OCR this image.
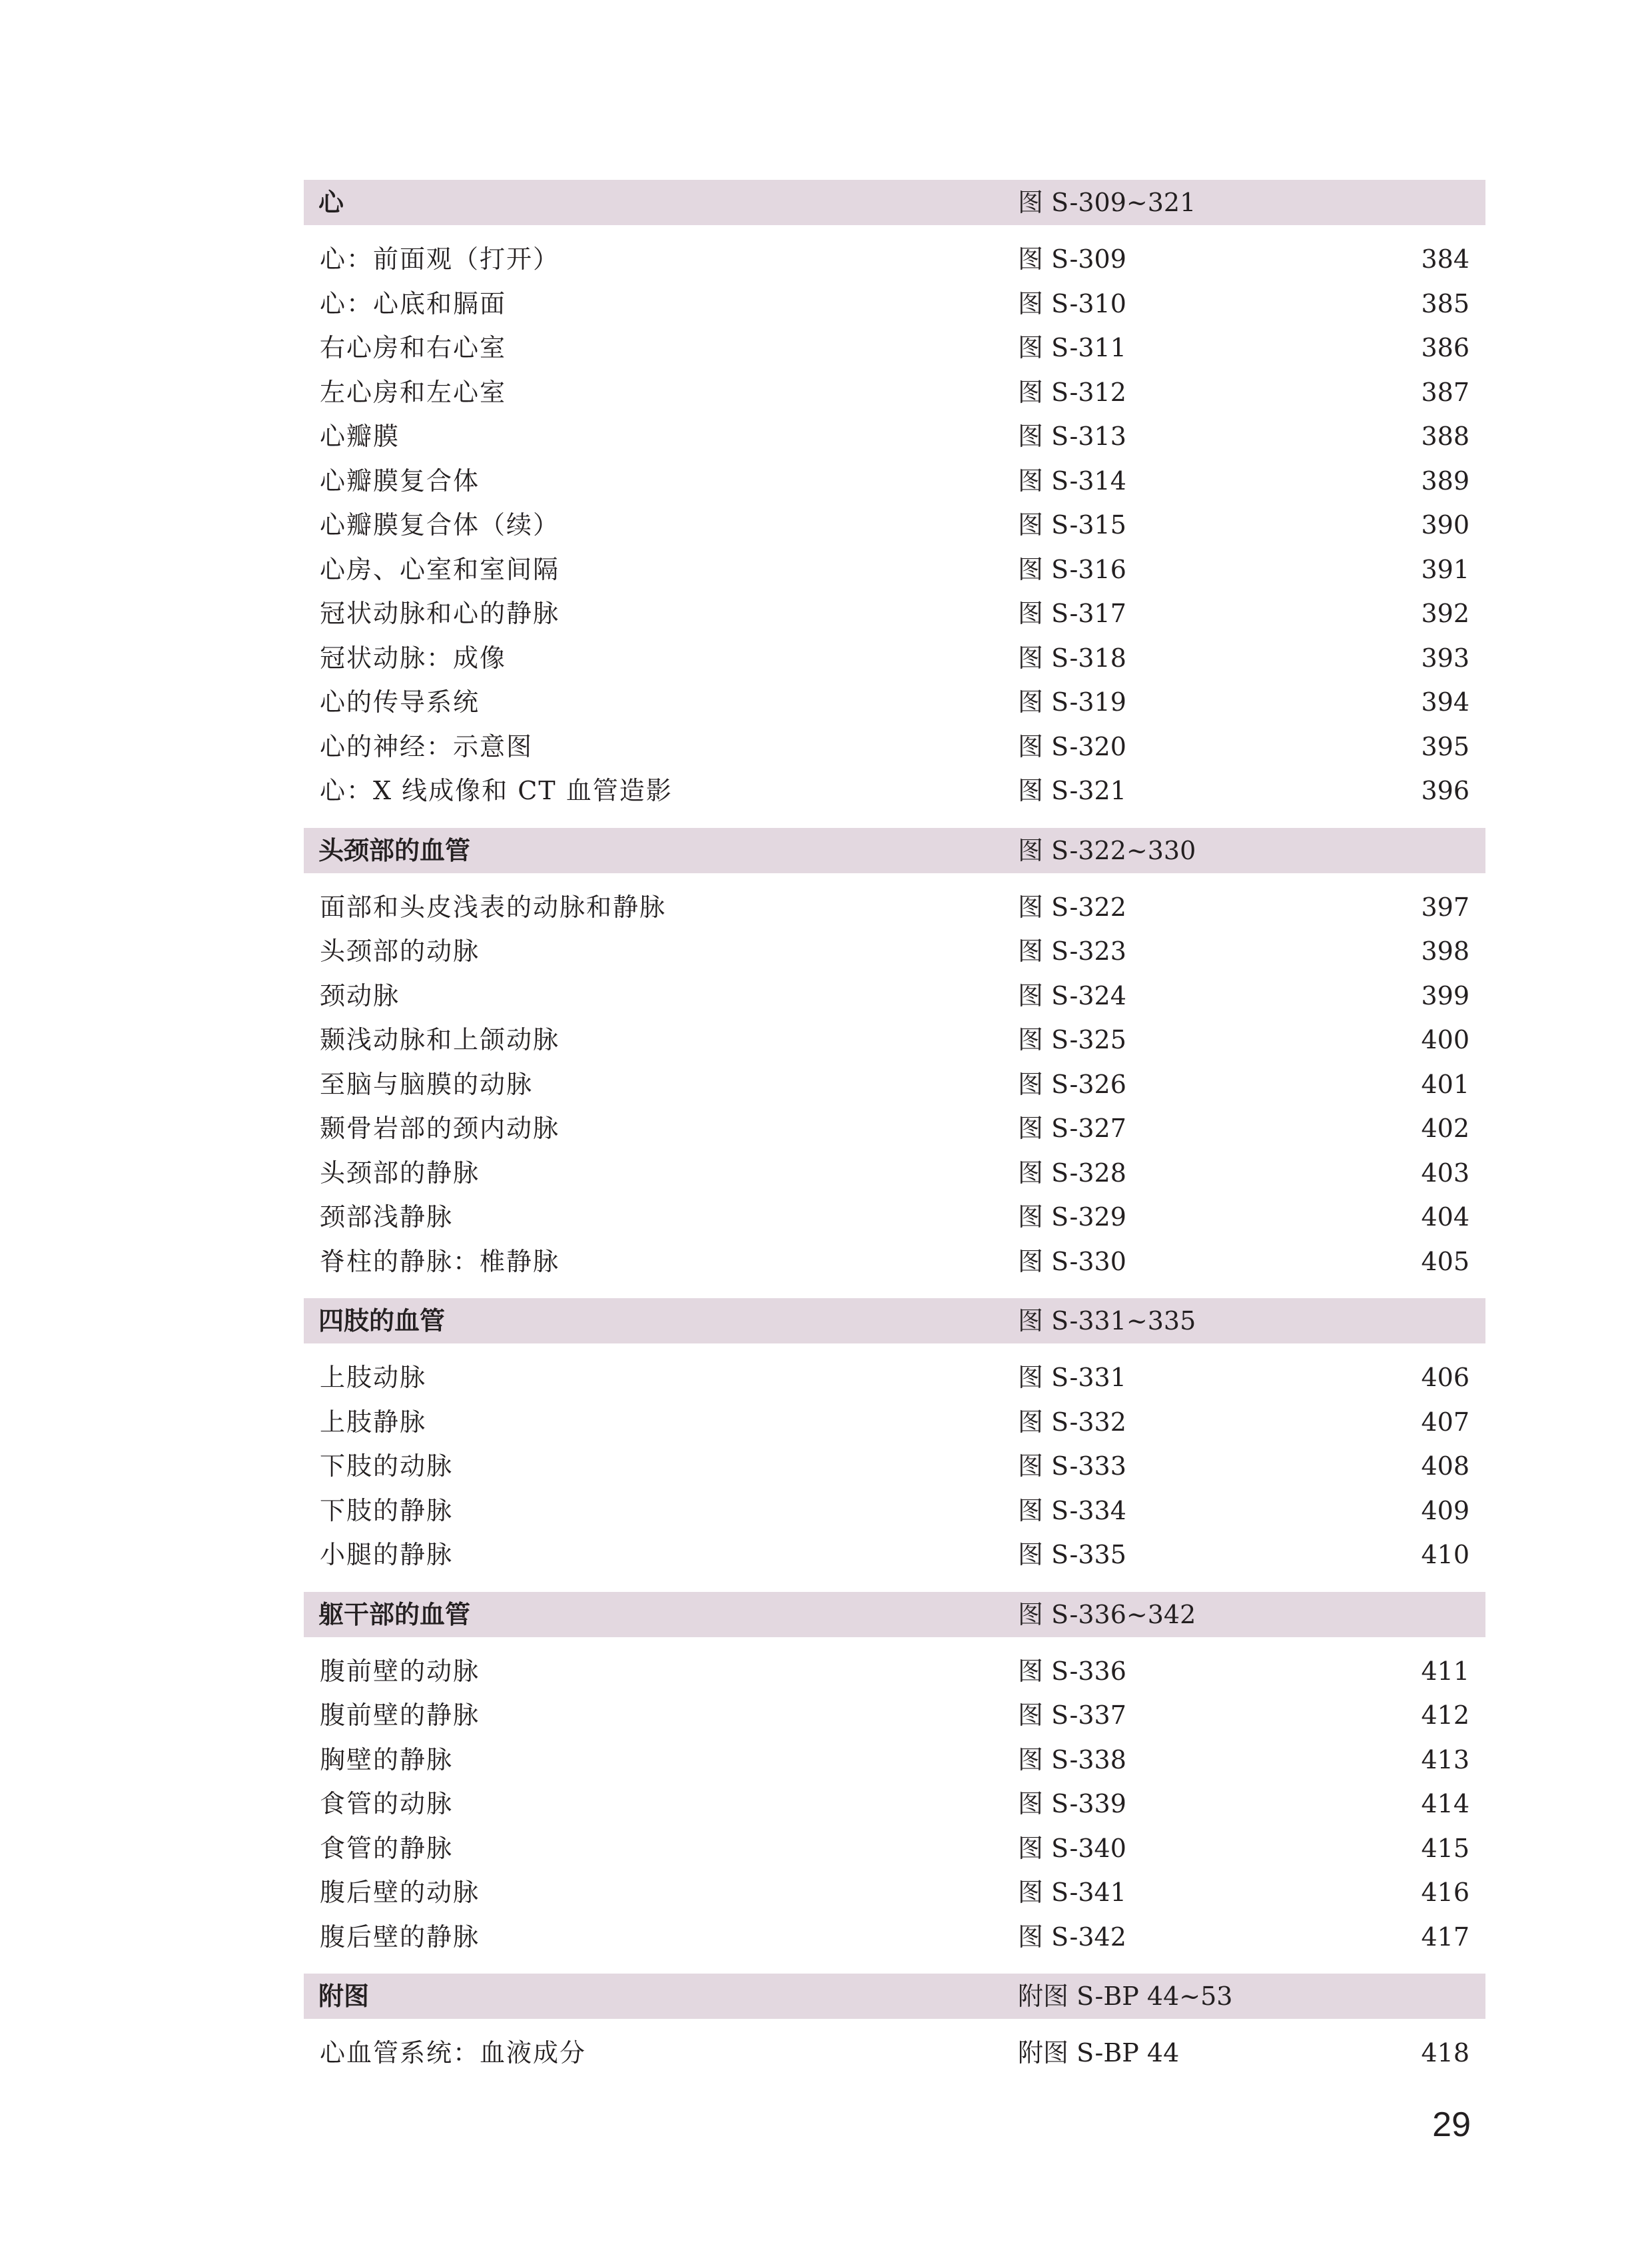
心	图 S-309~321
心：前面观（打开）	图 S-309	384
心：心底和膈面	图 S-310	385
右心房和右心室	图 S-311	386
左心房和左心室	图 S-312	387
心瓣膜	图 S-313	388
心瓣膜复合体	图 S-314	389
心瓣膜复合体（续）	图 S-315	390
心房、心室和室间隔	图 S-316	391
冠状动脉和心的静脉	图 S-317	392
冠状动脉：成像	图 S-318	393
心的传导系统	图 S-319	394
心的神经：示意图	图 S-320	395
心：X 线成像和 CT 血管造影	图 S-321	396
头颈部的血管	图 S-322~330
面部和头皮浅表的动脉和静脉	图 S-322	397
头颈部的动脉	图 S-323	398
颈动脉	图 S-324	399
颞浅动脉和上颌动脉	图 S-325	400
至脑与脑膜的动脉	图 S-326	401
颞骨岩部的颈内动脉	图 S-327	402
头颈部的静脉	图 S-328	403
颈部浅静脉	图 S-329	404
脊柱的静脉：椎静脉	图 S-330	405
四肢的血管	图 S-331~335
上肢动脉	图 S-331	406
上肢静脉	图 S-332	407
下肢的动脉	图 S-333	408
下肢的静脉	图 S-334	409
小腿的静脉	图 S-335	410
躯干部的血管	图 S-336~342
腹前壁的动脉	图 S-336	411
腹前壁的静脉	图 S-337	412
胸壁的静脉	图 S-338	413
食管的动脉	图 S-339	414
食管的静脉	图 S-340	415
腹后壁的动脉	图 S-341	416
腹后壁的静脉	图 S-342	417
附图	附图 S-BP 44~53
心血管系统：血液成分	附图 S-BP 44	418
29
